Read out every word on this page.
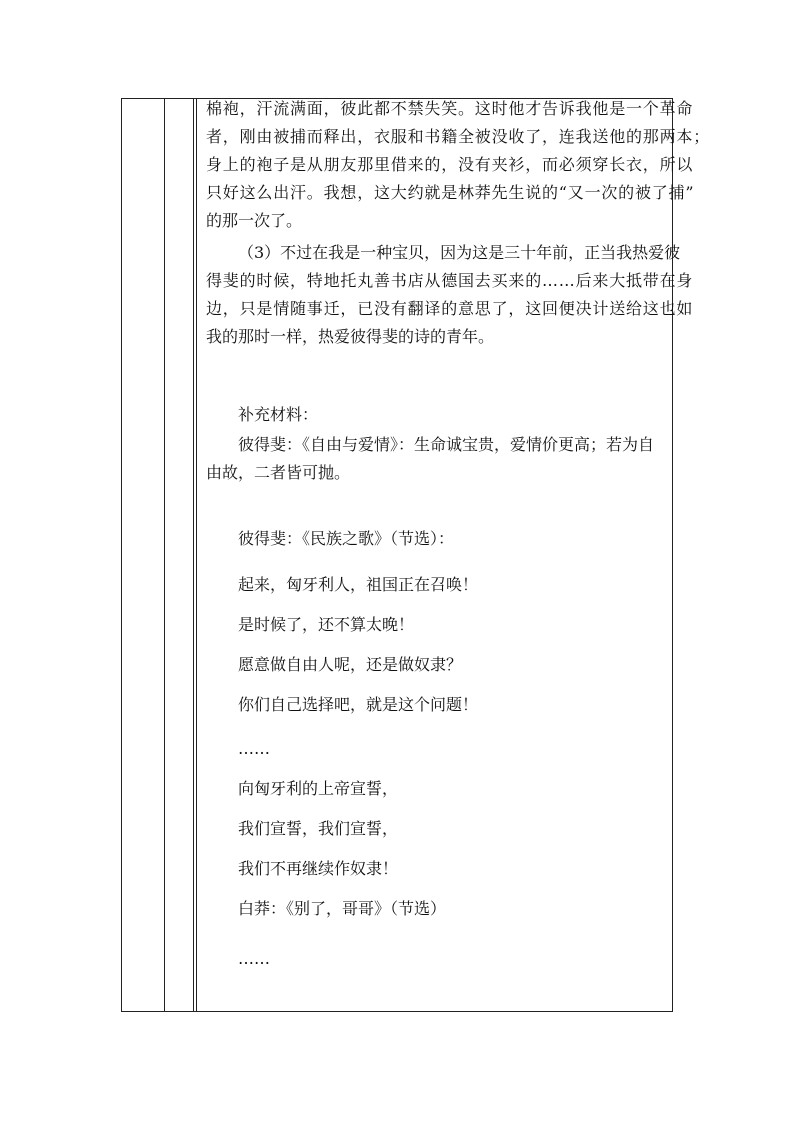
棉袍，汗流满面，彼此都不禁失笑。这时他才告诉我他是一个革命
者，刚由被捕而释出，衣服和书籍全被没收了，连我送他的那两本；
身上的袍子是从朋友那里借来的，没有夹衫，而必须穿长衣，所以
只好这么出汗。我想，这大约就是林莽先生说的“又一次的被了捕”
的那一次了。
（3）不过在我是一种宝贝，因为这是三十年前，正当我热爱彼
得斐的时候，特地托丸善书店从德国去买来的……后来大抵带在身
边，只是情随事迁，已没有翻译的意思了，这回便决计送给这也如
我的那时一样，热爱彼得斐的诗的青年。
补充材料：
彼得斐：《自由与爱情》：生命诚宝贵，爱情价更高；若为自
由故，二者皆可抛。
彼得斐：《民族之歌》（节选）：
起来，匈牙利人，祖国正在召唤！
是时候了，还不算太晚！
愿意做自由人呢，还是做奴隶？
你们自己选择吧，就是这个问题！
……
向匈牙利的上帝宣誓，
我们宣誓，我们宣誓，
我们不再继续作奴隶！
白莽：《别了，哥哥》（节选）
……
